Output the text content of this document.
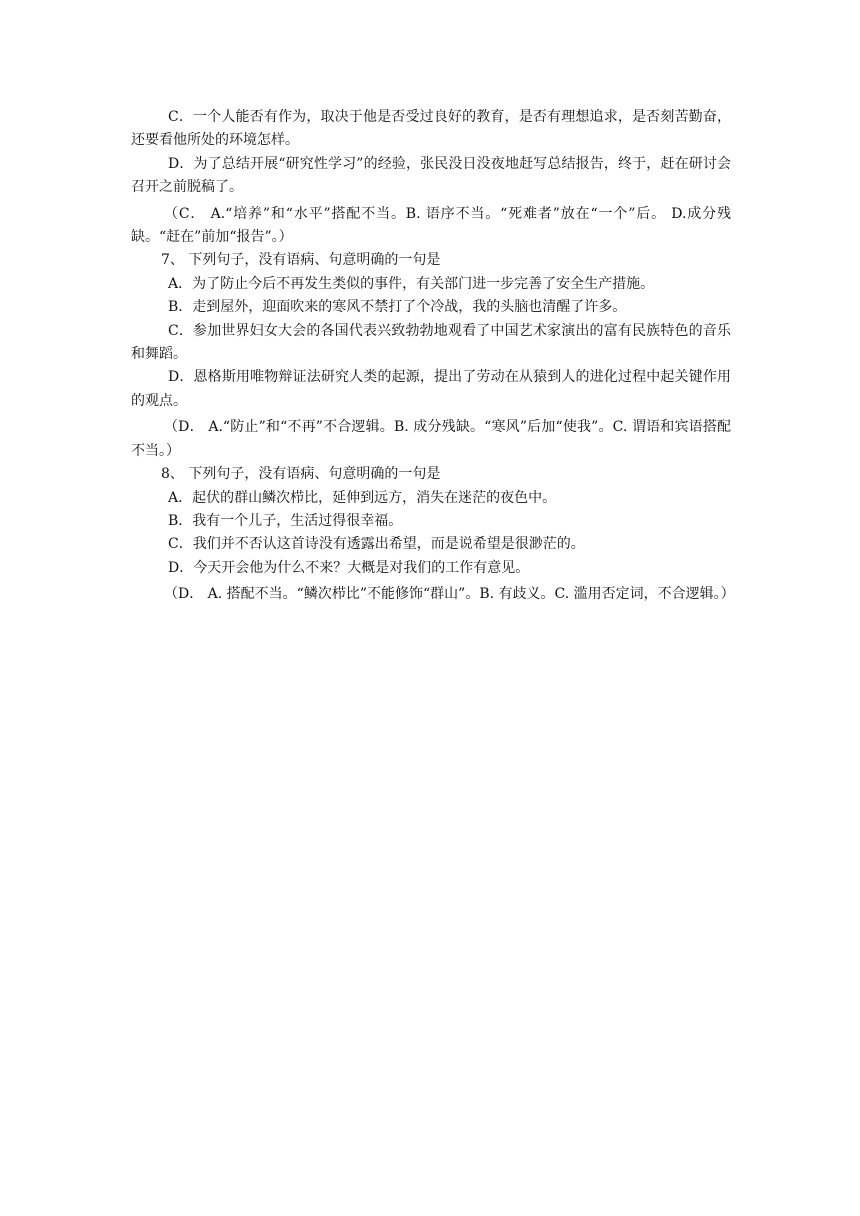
C．一个人能否有作为，取决于他是否受过良好的教育，是否有理想追求，是否刻苦勤奋，还要看他所处的环境怎样。

D．为了总结开展“研究性学习”的经验，张民没日没夜地赶写总结报告，终于，赶在研讨会召开之前脱稿了。

（C． A.“培养”和“水平”搭配不当。B. 语序不当。“死难者”放在“一个”后。 D.成分残缺。“赶在”前加“报告”。）

7、 下列句子，没有语病、句意明确的一句是

A．为了防止今后不再发生类似的事件，有关部门进一步完善了安全生产措施。

B．走到屋外，迎面吹来的寒风不禁打了个冷战，我的头脑也清醒了许多。

C．参加世界妇女大会的各国代表兴致勃勃地观看了中国艺术家演出的富有民族特色的音乐和舞蹈。

D．恩格斯用唯物辩证法研究人类的起源，提出了劳动在从猿到人的进化过程中起关键作用的观点。

（D． A.“防止”和“不再”不合逻辑。B. 成分残缺。“寒风”后加“使我”。C. 谓语和宾语搭配不当。）

8、 下列句子，没有语病、句意明确的一句是

A．起伏的群山鳞次栉比，延伸到远方，消失在迷茫的夜色中。

B．我有一个儿子，生活过得很幸福。

C．我们并不否认这首诗没有透露出希望，而是说希望是很渺茫的。

D．今天开会他为什么不来？大概是对我们的工作有意见。

（D． A. 搭配不当。“鳞次栉比”不能修饰“群山”。B. 有歧义。C. 滥用否定词，不合逻辑。）
